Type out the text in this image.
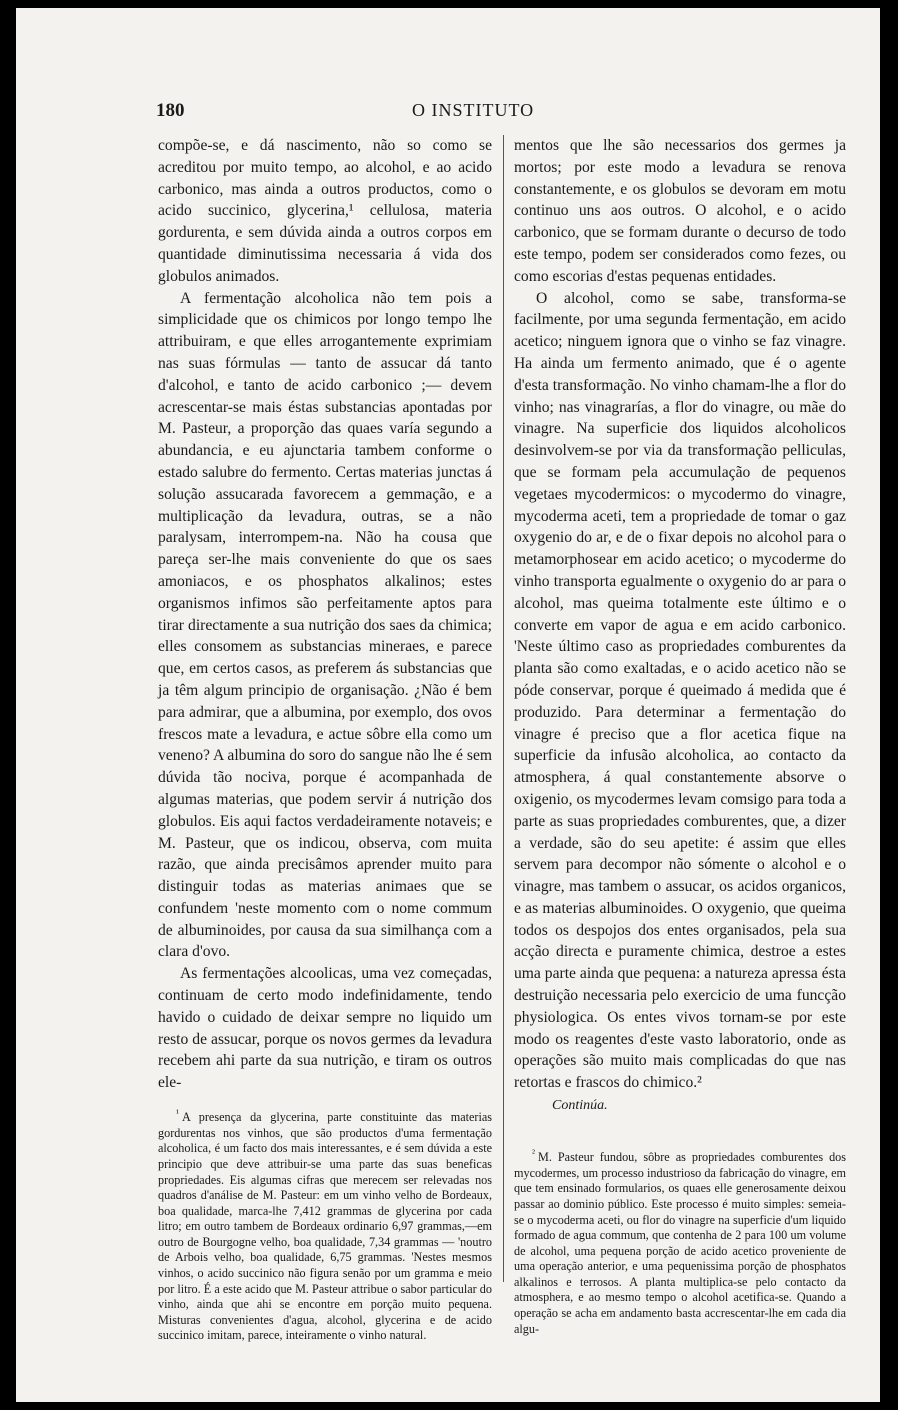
180	O INSTITUTO

compõe-se, e dá nascimento, não so como se acreditou por muito tempo, ao alcohol, e ao acido carbonico, mas ainda a outros productos, como o acido succinico, glycerina,¹ cellulosa, materia gordurenta, e sem dúvida ainda a outros corpos em quantidade diminutissima necessaria á vida dos globulos animados.

A fermentação alcoholica não tem pois a simplicidade que os chimicos por longo tempo lhe attribuiram, e que elles arrogantemente exprimiam nas suas fórmulas — tanto de assucar dá tanto d'alcohol, e tanto de acido carbonico ;— devem acrescentar-se mais éstas substancias apontadas por M. Pasteur, a proporção das quaes varía segundo a abundancia, e eu ajunctaria tambem conforme o estado salubre do fermento. Certas materias junctas á solução assucarada favorecem a gemmação, e a multiplicação da levadura, outras, se a não paralysam, interrompem-na. Não ha cousa que pareça ser-lhe mais conveniente do que os saes amoniacos, e os phosphatos alkalinos; estes organismos infimos são perfeitamente aptos para tirar directamente a sua nutrição dos saes da chimica; elles consomem as substancias mineraes, e parece que, em certos casos, as preferem ás substancias que ja têm algum principio de organisação. ¿Não é bem para admirar, que a albumina, por exemplo, dos ovos frescos mate a levadura, e actue sôbre ella como um veneno? A albumina do soro do sangue não lhe é sem dúvida tão nociva, porque é acompanhada de algumas materias, que podem servir á nutrição dos globulos. Eis aqui factos verdadeiramente notaveis; e M. Pasteur, que os indicou, observa, com muita razão, que ainda precisâmos aprender muito para distinguir todas as materias animaes que se confundem 'neste momento com o nome commum de albuminoides, por causa da sua similhança com a clara d'ovo.

As fermentações alcoolicas, uma vez começadas, continuam de certo modo indefinidamente, tendo havido o cuidado de deixar sempre no liquido um resto de assucar, porque os novos germes da levadura recebem ahi parte da sua nutrição, e tiram os outros ele-

$^{^1}$ A presença da glycerina, parte constituinte das materias gordurentas nos vinhos, que são productos d'uma fermentação alcoholica, é um facto dos mais interessantes, e é sem dúvida a este principio que deve attribuir-se uma parte das suas beneficas propriedades. Eis algumas cifras que merecem ser relevadas nos quadros d'análise de M. Pasteur: em um vinho velho de Bordeaux, boa qualidade, marca-lhe 7,412 grammas de glycerina por cada litro; em outro tambem de Bordeaux ordinario 6,97 grammas,—em outro de Bourgogne velho, boa qualidade, 7,34 grammas — 'noutro de Arbois velho, boa qualidade, 6,75 grammas. 'Nestes mesmos vinhos, o acido succinico não figura senão por um gramma e meio por litro. É a este acido que M. Pasteur attribue o sabor particular do vinho, ainda que ahi se encontre em porção muito pequena. Misturas convenientes d'agua, alcohol, glycerina e de acido succinico imitam, parece, inteiramente o vinho natural.

mentos que lhe são necessarios dos germes ja mortos; por este modo a levadura se renova constantemente, e os globulos se devoram em motu continuo uns aos outros. O alcohol, e o acido carbonico, que se formam durante o decurso de todo este tempo, podem ser considerados como fezes, ou como escorias d'estas pequenas entidades.

O alcohol, como se sabe, transforma-se facilmente, por uma segunda fermentação, em acido acetico; ninguem ignora que o vinho se faz vinagre. Ha ainda um fermento animado, que é o agente d'esta transformação. No vinho chamam-lhe a flor do vinho; nas vinagrarías, a flor do vinagre, ou mãe do vinagre. Na superficie dos liquidos alcoholicos desinvolvem-se por via da transformação pelliculas, que se formam pela accumulação de pequenos vegetaes mycodermicos: o mycodermo do vinagre, mycoderma aceti, tem a propriedade de tomar o gaz oxygenio do ar, e de o fixar depois no alcohol para o metamorphosear em acido acetico; o mycoderme do vinho transporta egualmente o oxygenio do ar para o alcohol, mas queima totalmente este último e o converte em vapor de agua e em acido carbonico. 'Neste último caso as propriedades comburentes da planta são como exaltadas, e o acido acetico não se póde conservar, porque é queimado á medida que é produzido. Para determinar a fermentação do vinagre é preciso que a flor acetica fique na superficie da infusão alcoholica, ao contacto da atmosphera, á qual constantemente absorve o oxigenio, os mycodermes levam comsigo para toda a parte as suas propriedades comburentes, que, a dizer a verdade, são do seu apetite: é assim que elles servem para decompor não sómente o alcohol e o vinagre, mas tambem o assucar, os acidos organicos, e as materias albuminoides. O oxygenio, que queima todos os despojos dos entes organisados, pela sua acção directa e puramente chimica, destroe a estes uma parte ainda que pequena: a natureza apressa ésta destruição necessaria pelo exercicio de uma funcção physiologica. Os entes vivos tornam-se por este modo os reagentes d'este vasto laboratorio, onde as operações são muito mais complicadas do que nas retortas e frascos do chimico.²

Continúa.

$^{^2}$ M. Pasteur fundou, sôbre as propriedades comburentes dos mycodermes, um processo industrioso da fabricação do vinagre, em que tem ensinado formularios, os quaes elle generosamente deixou passar ao dominio público. Este processo é muito simples: semeia-se o mycoderma aceti, ou flor do vinagre na superficie d'um liquido formado de agua commum, que contenha de 2 para 100 um volume de alcohol, uma pequena porção de acido acetico proveniente de uma operação anterior, e uma pequenissima porção de phosphatos alkalinos e terrosos. A planta multiplica-se pelo contacto da atmosphera, e ao mesmo tempo o alcohol acetifica-se. Quando a operação se acha em andamento basta accrescentar-lhe em cada dia algu-
